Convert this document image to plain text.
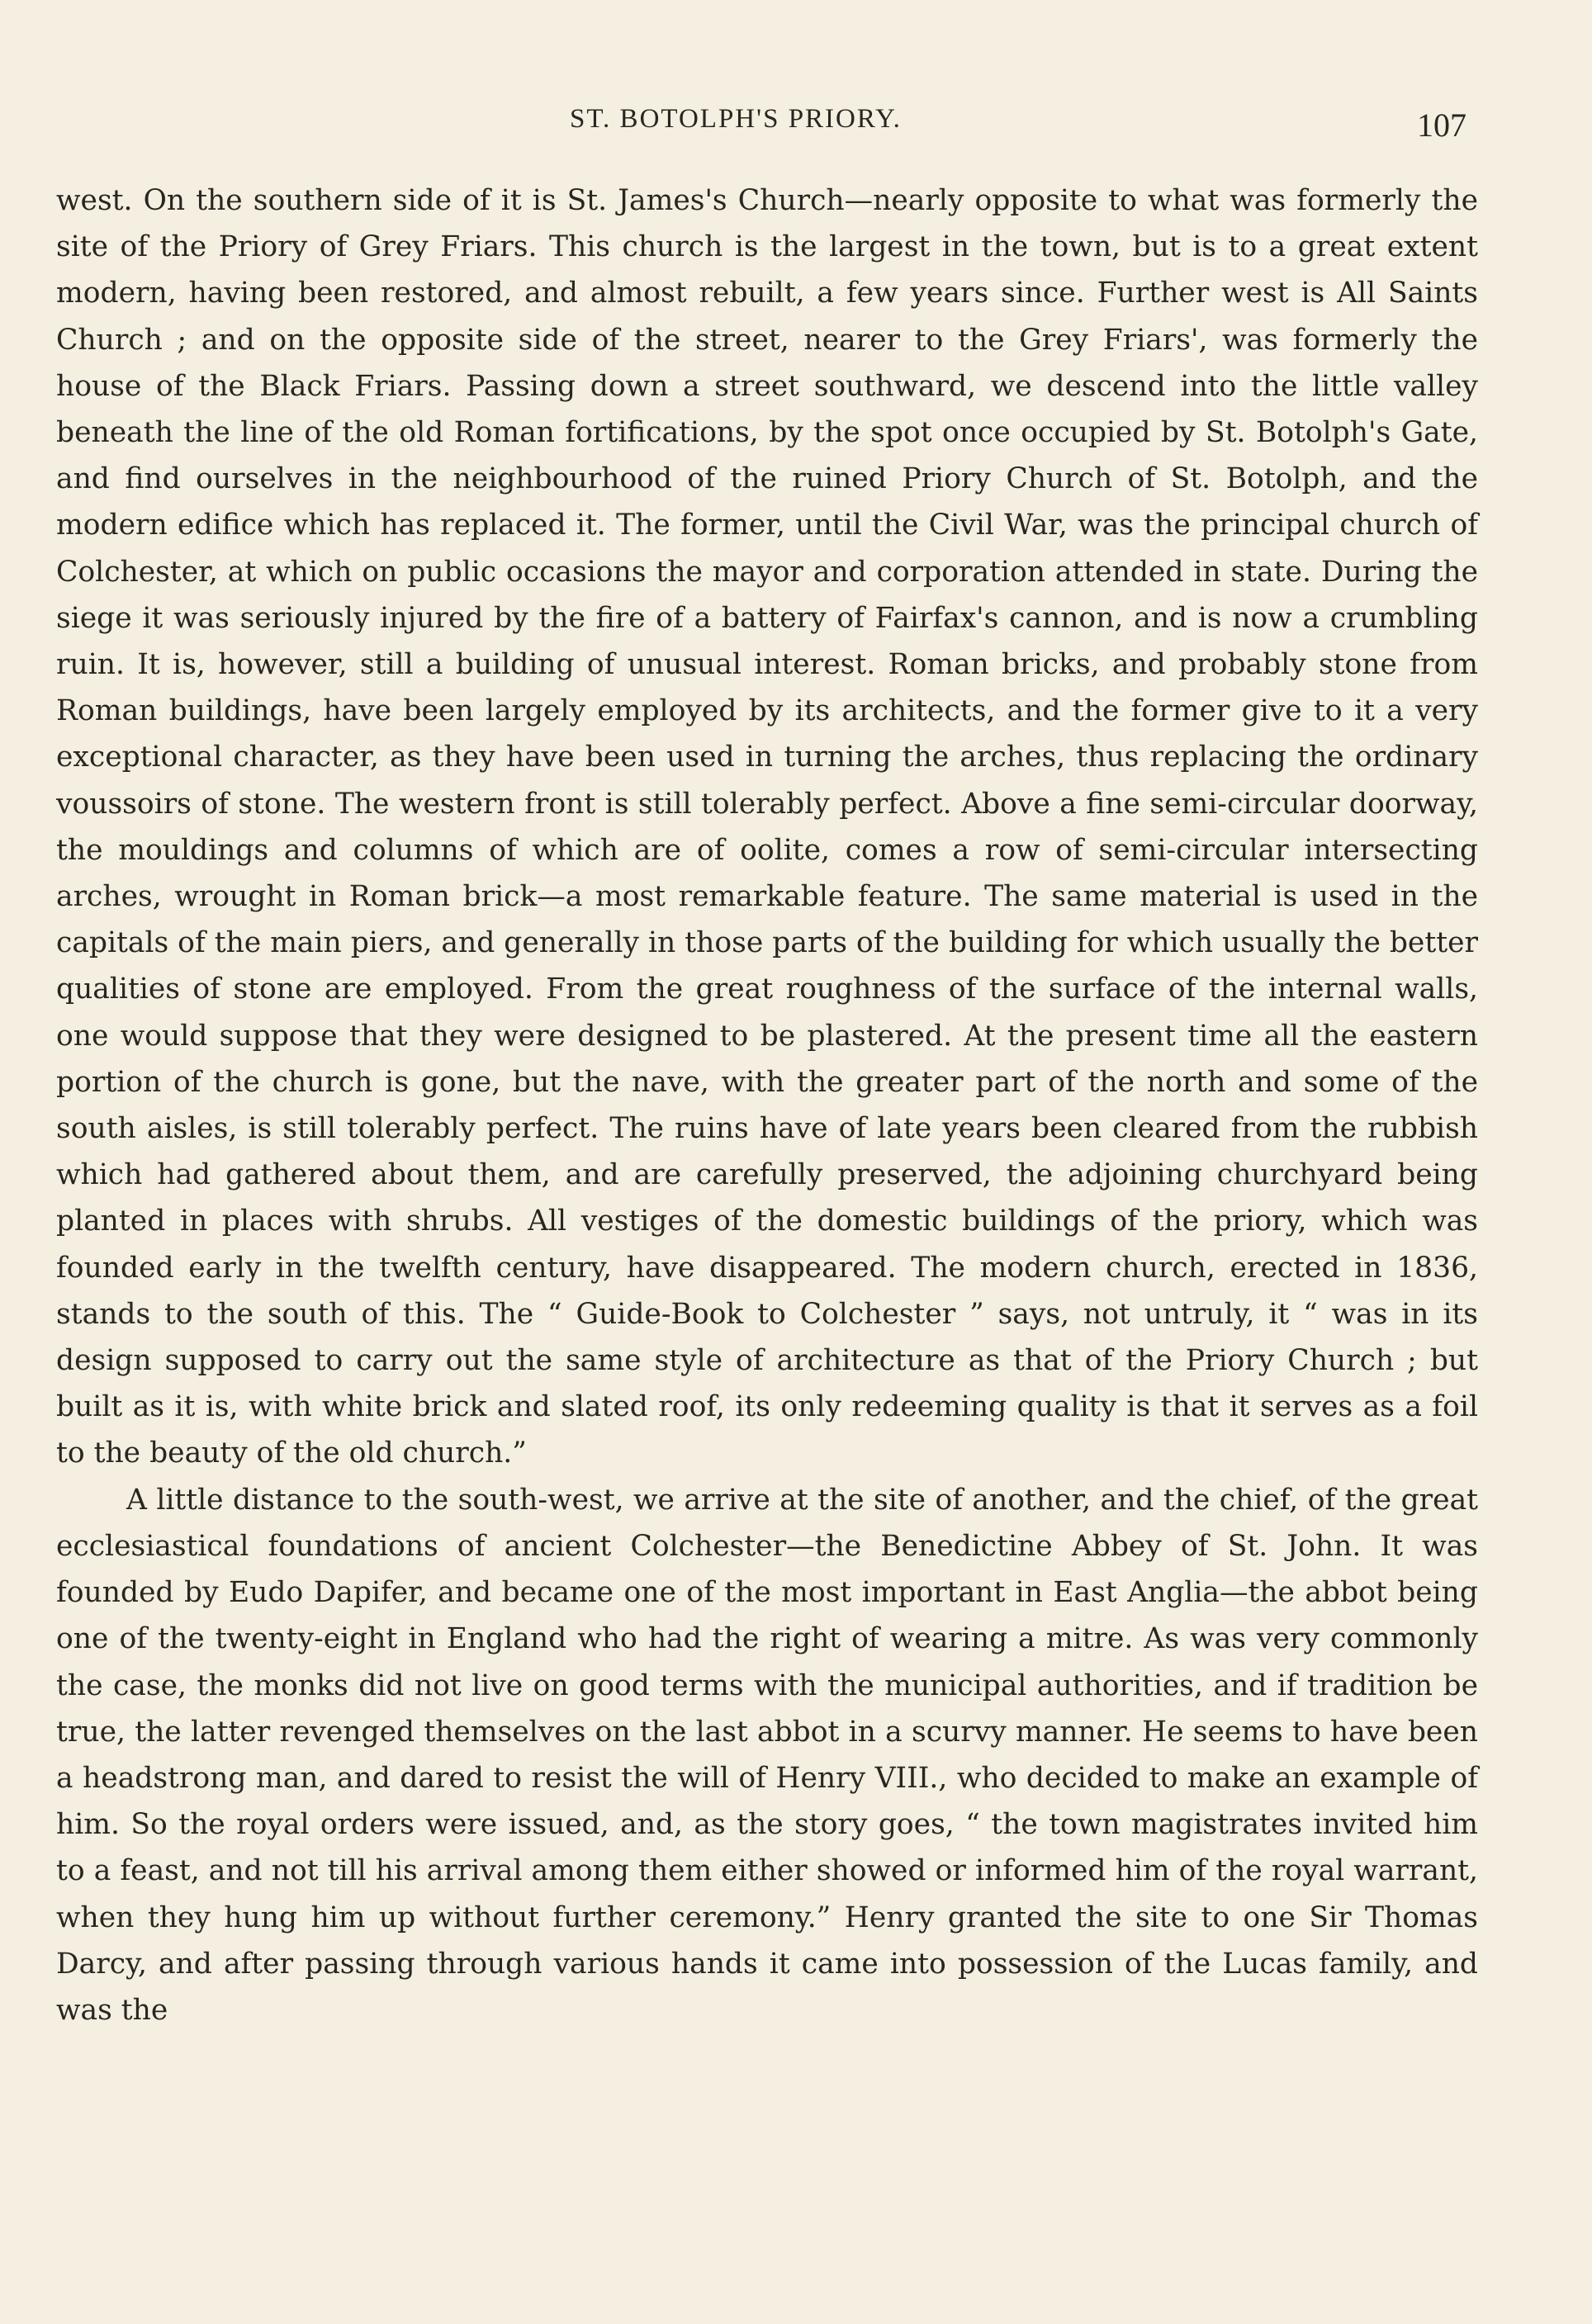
ST. BOTOLPH'S PRIORY.	107

west. On the southern side of it is St. James's Church—nearly opposite to what was formerly the site of the Priory of Grey Friars. This church is the largest in the town, but is to a great extent modern, having been restored, and almost rebuilt, a few years since. Further west is All Saints Church ; and on the opposite side of the street, nearer to the Grey Friars', was formerly the house of the Black Friars. Passing down a street southward, we descend into the little valley beneath the line of the old Roman fortifications, by the spot once occupied by St. Botolph's Gate, and find ourselves in the neighbourhood of the ruined Priory Church of St. Botolph, and the modern edifice which has replaced it. The former, until the Civil War, was the principal church of Colchester, at which on public occasions the mayor and corporation attended in state. During the siege it was seriously injured by the fire of a battery of Fairfax's cannon, and is now a crumbling ruin. It is, however, still a building of unusual interest. Roman bricks, and probably stone from Roman buildings, have been largely employed by its architects, and the former give to it a very exceptional character, as they have been used in turning the arches, thus replacing the ordinary voussoirs of stone. The western front is still tolerably perfect. Above a fine semi-circular doorway, the mouldings and columns of which are of oolite, comes a row of semi-circular intersecting arches, wrought in Roman brick—a most remarkable feature. The same material is used in the capitals of the main piers, and generally in those parts of the building for which usually the better qualities of stone are employed. From the great roughness of the surface of the internal walls, one would suppose that they were designed to be plastered. At the present time all the eastern portion of the church is gone, but the nave, with the greater part of the north and some of the south aisles, is still tolerably perfect. The ruins have of late years been cleared from the rubbish which had gathered about them, and are carefully preserved, the adjoining churchyard being planted in places with shrubs. All vestiges of the domestic buildings of the priory, which was founded early in the twelfth century, have disappeared. The modern church, erected in 1836, stands to the south of this. The “ Guide-Book to Colchester ” says, not untruly, it “ was in its design supposed to carry out the same style of architecture as that of the Priory Church ; but built as it is, with white brick and slated roof, its only redeeming quality is that it serves as a foil to the beauty of the old church.”

A little distance to the south-west, we arrive at the site of another, and the chief, of the great ecclesiastical foundations of ancient Colchester—the Benedictine Abbey of St. John. It was founded by Eudo Dapifer, and became one of the most important in East Anglia—the abbot being one of the twenty-eight in England who had the right of wearing a mitre. As was very commonly the case, the monks did not live on good terms with the municipal authorities, and if tradition be true, the latter revenged themselves on the last abbot in a scurvy manner. He seems to have been a headstrong man, and dared to resist the will of Henry VIII., who decided to make an example of him. So the royal orders were issued, and, as the story goes, “ the town magistrates invited him to a feast, and not till his arrival among them either showed or informed him of the royal warrant, when they hung him up without further ceremony.” Henry granted the site to one Sir Thomas Darcy, and after passing through various hands it came into possession of the Lucas family, and was the
